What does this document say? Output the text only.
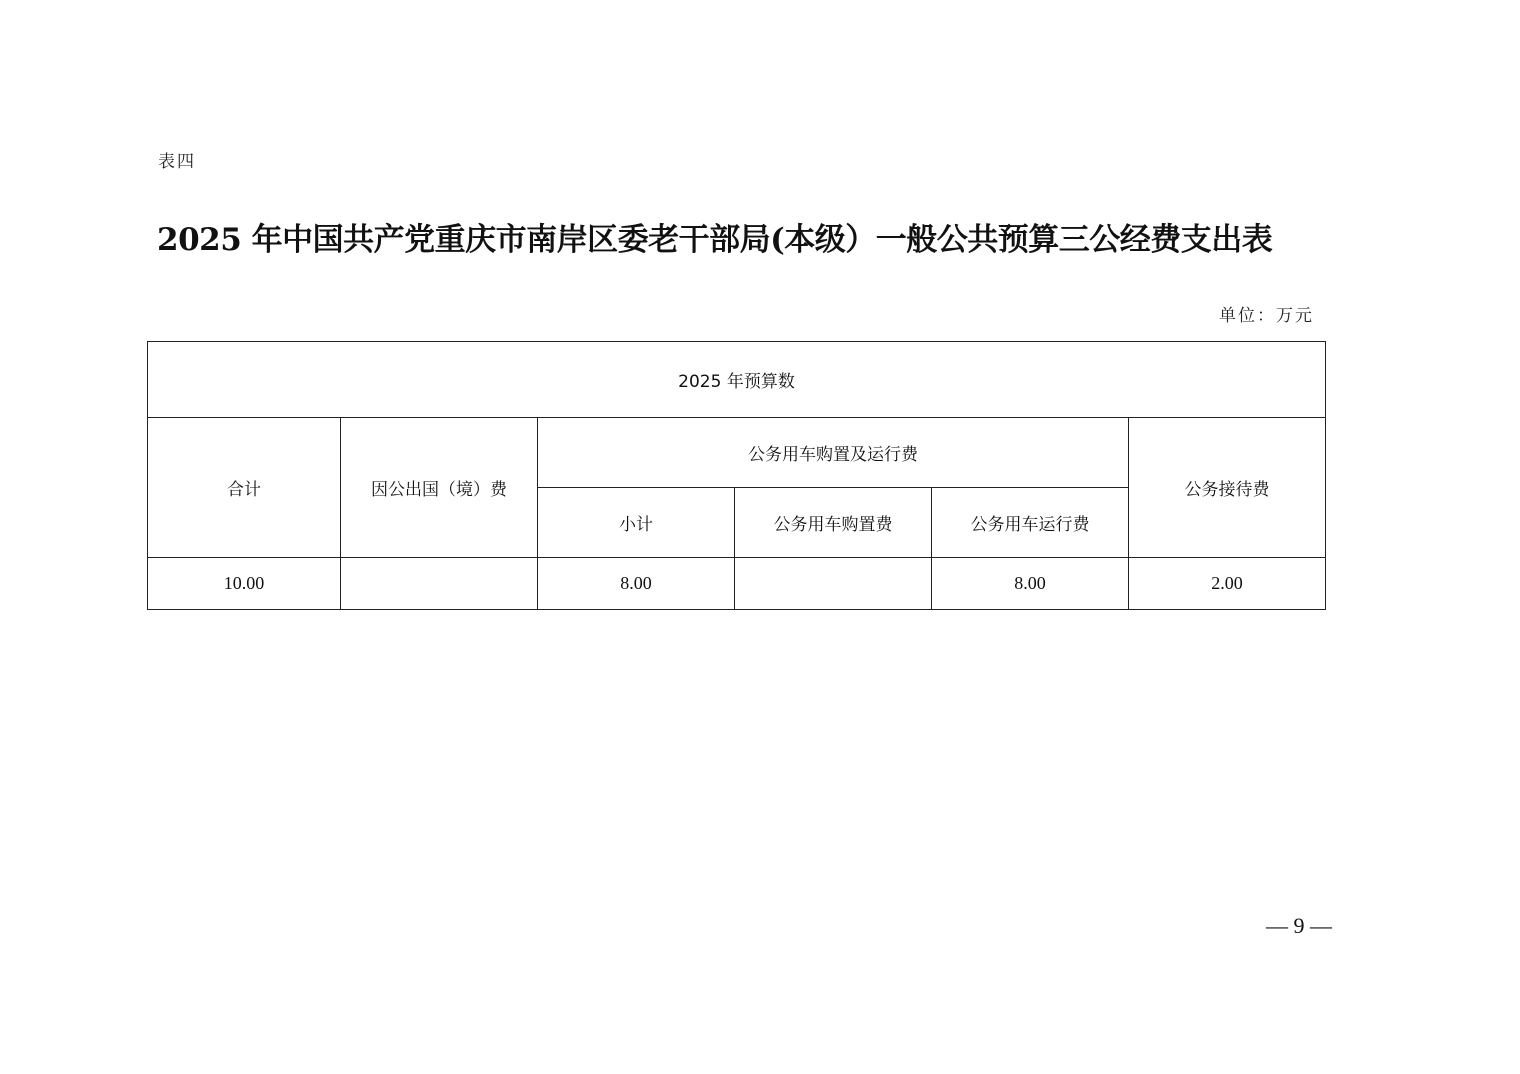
表四
2025 年中国共产党重庆市南岸区委老干部局(本级）一般公共预算三公经费支出表
单位：万元
2025 年预算数					
合计	因公出国（境）费	公务用车购置及运行费			公务接待费
		小计	公务用车购置费	公务用车运行费	
10.00		8.00		8.00	2.00
— 9 —
